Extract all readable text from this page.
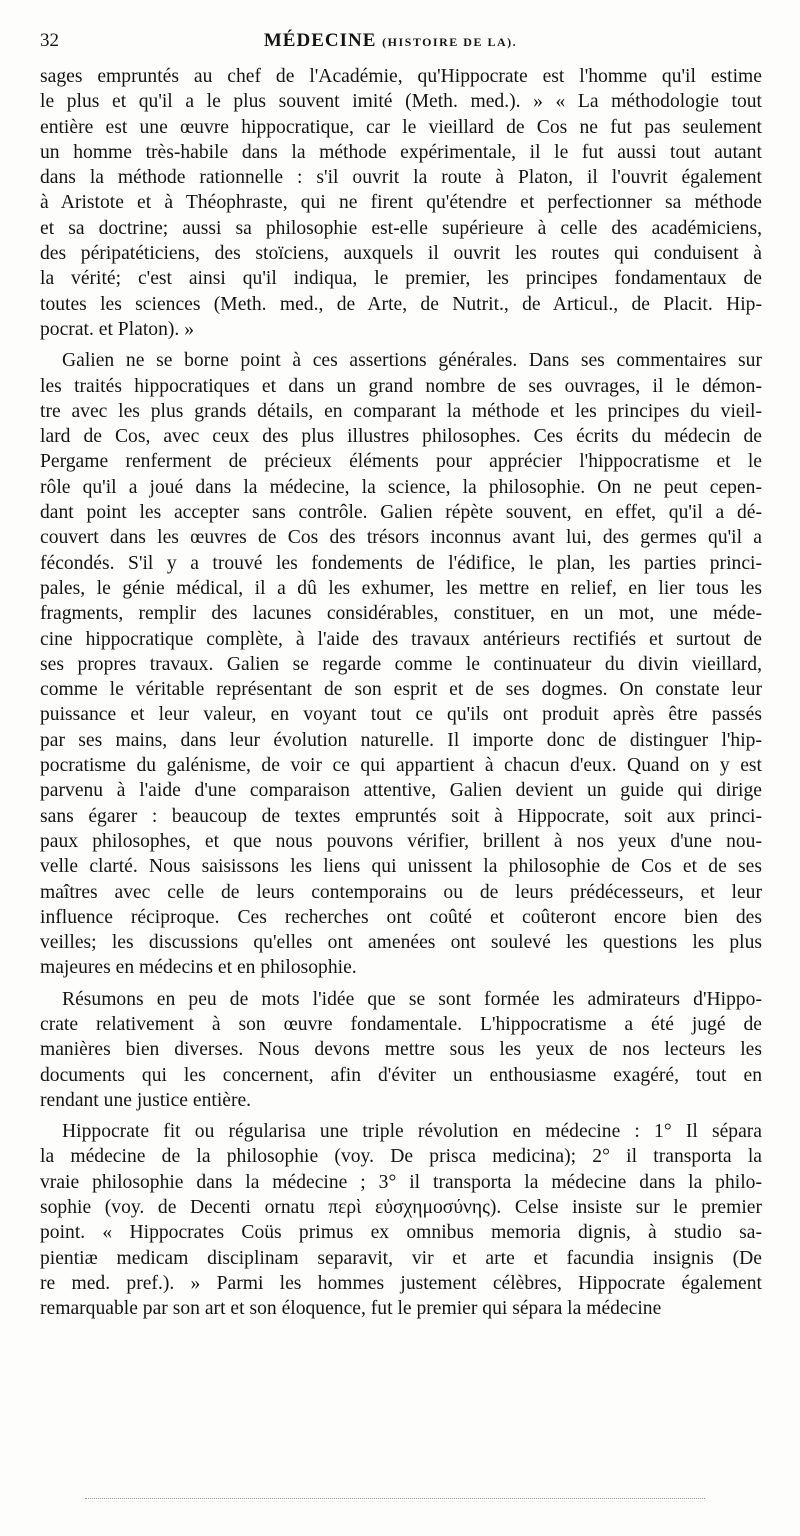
32	MÉDECINE (HISTOIRE DE LA).
sages empruntés au chef de l'Académie, qu'Hippocrate est l'homme qu'il estime
le plus et qu'il a le plus souvent imité (Meth. med.). » « La méthodologie tout
entière est une œuvre hippocratique, car le vieillard de Cos ne fut pas seulement
un homme très-habile dans la méthode expérimentale, il le fut aussi tout autant
dans la méthode rationnelle : s'il ouvrit la route à Platon, il l'ouvrit également
à Aristote et à Théophraste, qui ne firent qu'étendre et perfectionner sa méthode
et sa doctrine; aussi sa philosophie est-elle supérieure à celle des académiciens,
des péripatéticiens, des stoïciens, auxquels il ouvrit les routes qui conduisent à
la vérité; c'est ainsi qu'il indiqua, le premier, les principes fondamentaux de
toutes les sciences (Meth. med., de Arte, de Nutrit., de Articul., de Placit. Hip-
pocrat. et Platon). »
Galien ne se borne point à ces assertions générales. Dans ses commentaires sur
les traités hippocratiques et dans un grand nombre de ses ouvrages, il le démon-
tre avec les plus grands détails, en comparant la méthode et les principes du vieil-
lard de Cos, avec ceux des plus illustres philosophes. Ces écrits du médecin de
Pergame renferment de précieux éléments pour apprécier l'hippocratisme et le
rôle qu'il a joué dans la médecine, la science, la philosophie. On ne peut cepen-
dant point les accepter sans contrôle. Galien répète souvent, en effet, qu'il a dé-
couvert dans les œuvres de Cos des trésors inconnus avant lui, des germes qu'il a
fécondés. S'il y a trouvé les fondements de l'édifice, le plan, les parties princi-
pales, le génie médical, il a dû les exhumer, les mettre en relief, en lier tous les
fragments, remplir des lacunes considérables, constituer, en un mot, une méde-
cine hippocratique complète, à l'aide des travaux antérieurs rectifiés et surtout de
ses propres travaux. Galien se regarde comme le continuateur du divin vieillard,
comme le véritable représentant de son esprit et de ses dogmes. On constate leur
puissance et leur valeur, en voyant tout ce qu'ils ont produit après être passés
par ses mains, dans leur évolution naturelle. Il importe donc de distinguer l'hip-
pocratisme du galénisme, de voir ce qui appartient à chacun d'eux. Quand on y est
parvenu à l'aide d'une comparaison attentive, Galien devient un guide qui dirige
sans égarer : beaucoup de textes empruntés soit à Hippocrate, soit aux princi-
paux philosophes, et que nous pouvons vérifier, brillent à nos yeux d'une nou-
velle clarté. Nous saisissons les liens qui unissent la philosophie de Cos et de ses
maîtres avec celle de leurs contemporains ou de leurs prédécesseurs, et leur
influence réciproque. Ces recherches ont coûté et coûteront encore bien des
veilles; les discussions qu'elles ont amenées ont soulevé les questions les plus
majeures en médecins et en philosophie.
Résumons en peu de mots l'idée que se sont formée les admirateurs d'Hippo-
crate relativement à son œuvre fondamentale. L'hippocratisme a été jugé de
manières bien diverses. Nous devons mettre sous les yeux de nos lecteurs les
documents qui les concernent, afin d'éviter un enthousiasme exagéré, tout en
rendant une justice entière.
Hippocrate fit ou régularisa une triple révolution en médecine : 1° Il sépara
la médecine de la philosophie (voy. De prisca medicina); 2° il transporta la
vraie philosophie dans la médecine ; 3° il transporta la médecine dans la philo-
sophie (voy. de Decenti ornatu περὶ εὐσχημοσύνης). Celse insiste sur le premier
point. « Hippocrates Coüs primus ex omnibus memoria dignis, à studio sa-
pientiæ medicam disciplinam separavit, vir et arte et facundia insignis (De
re med. pref.). » Parmi les hommes justement célèbres, Hippocrate également
remarquable par son art et son éloquence, fut le premier qui sépara la médecine
